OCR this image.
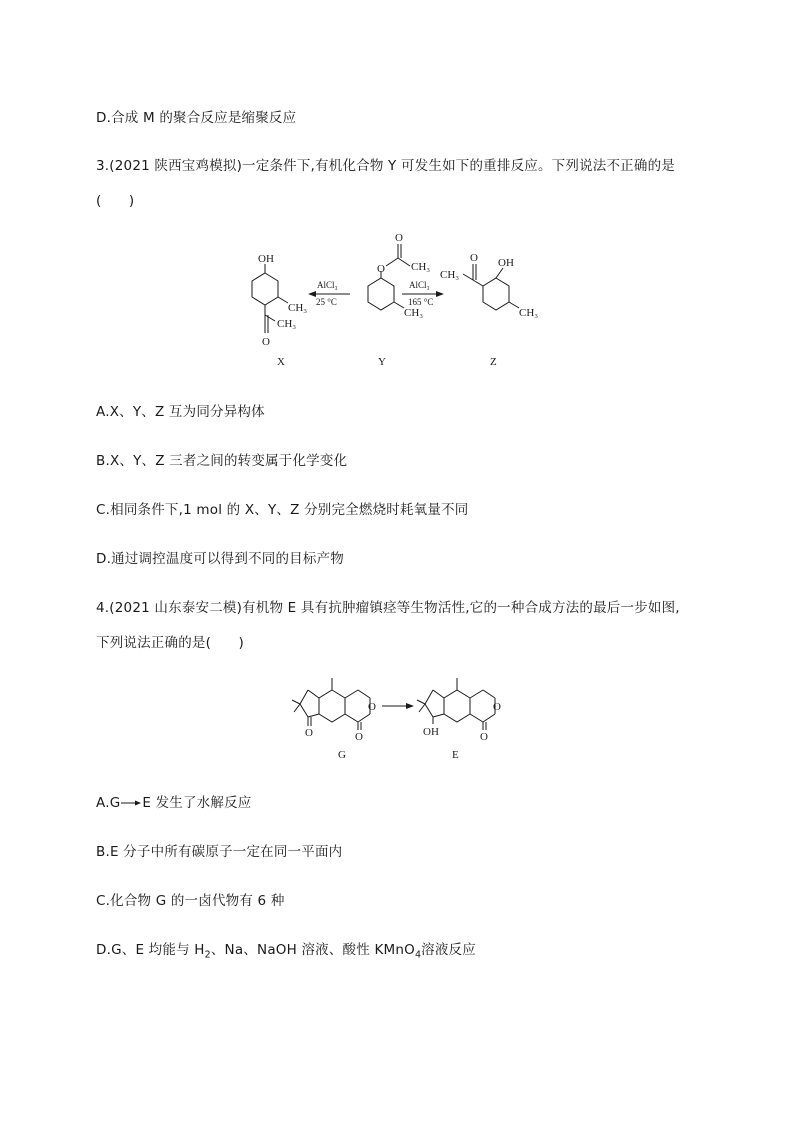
D.合成 M 的聚合反应是缩聚反应
3.(2021 陕西宝鸡模拟)一定条件下,有机化合物 Y 可发生如下的重排反应。下列说法不正确的是
(　　)
OH
CH₃
CH₃
O
X
AlCl₃
25 °C
O
O
CH₃
CH₃
Y
AlCl₃
165 °C
O
CH₃
OH
CH₃
Z
A.X、Y、Z 互为同分异构体
B.X、Y、Z 三者之间的转变属于化学变化
C.相同条件下,1 mol 的 X、Y、Z 分别完全燃烧时耗氧量不同
D.通过调控温度可以得到不同的目标产物
4.(2021 山东泰安二模)有机物 E 具有抗肿瘤镇痉等生物活性,它的一种合成方法的最后一步如图,
下列说法正确的是(　　)
O	O
O
G
OH	O
O
E
A.G→E 发生了水解反应
B.E 分子中所有碳原子一定在同一平面内
C.化合物 G 的一卤代物有 6 种
D.G、E 均能与 $H_2$、Na、NaOH 溶液、酸性 KMnO$_4$溶液反应
